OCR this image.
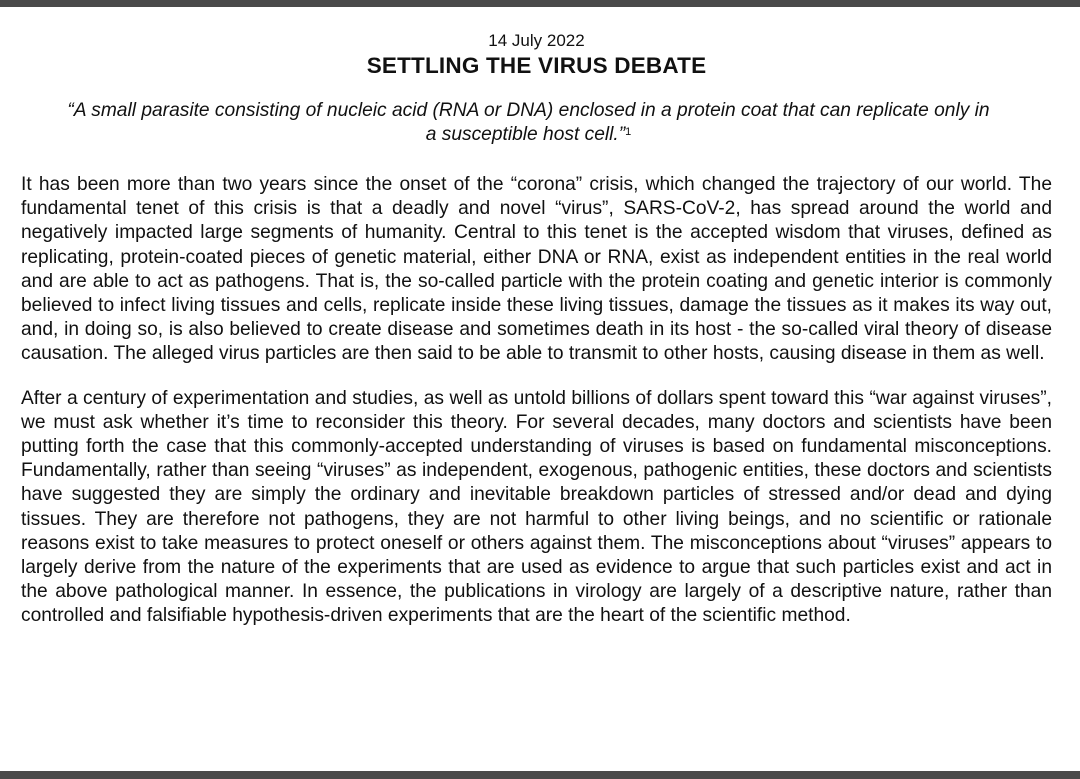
14 July 2022

SETTLING THE VIRUS DEBATE

“A small parasite consisting of nucleic acid (RNA or DNA) enclosed in a protein coat that can replicate only in a susceptible host cell.”$^1$

It has been more than two years since the onset of the “corona” crisis, which changed the trajectory of our world. The fundamental tenet of this crisis is that a deadly and novel “virus”, SARS-CoV-2, has spread around the world and negatively impacted large segments of humanity. Central to this tenet is the accepted wisdom that viruses, defined as replicating, protein-coated pieces of genetic material, either DNA or RNA, exist as independent entities in the real world and are able to act as pathogens. That is, the so-called particle with the protein coating and genetic interior is commonly believed to infect living tissues and cells, replicate inside these living tissues, damage the tissues as it makes its way out, and, in doing so, is also believed to create disease and sometimes death in its host - the so-called viral theory of disease causation. The alleged virus particles are then said to be able to transmit to other hosts, causing disease in them as well.

After a century of experimentation and studies, as well as untold billions of dollars spent toward this “war against viruses”, we must ask whether it’s time to reconsider this theory. For several decades, many doctors and scientists have been putting forth the case that this commonly-accepted understanding of viruses is based on fundamental misconceptions. Fundamentally, rather than seeing “viruses” as independent, exogenous, pathogenic entities, these doctors and scientists have suggested they are simply the ordinary and inevitable breakdown particles of stressed and/or dead and dying tissues. They are therefore not pathogens, they are not harmful to other living beings, and no scientific or rationale reasons exist to take measures to protect oneself or others against them. The misconceptions about “viruses” appears to largely derive from the nature of the experiments that are used as evidence to argue that such particles exist and act in the above pathological manner. In essence, the publications in virology are largely of a descriptive nature, rather than controlled and falsifiable hypothesis-driven experiments that are the heart of the scientific method.
